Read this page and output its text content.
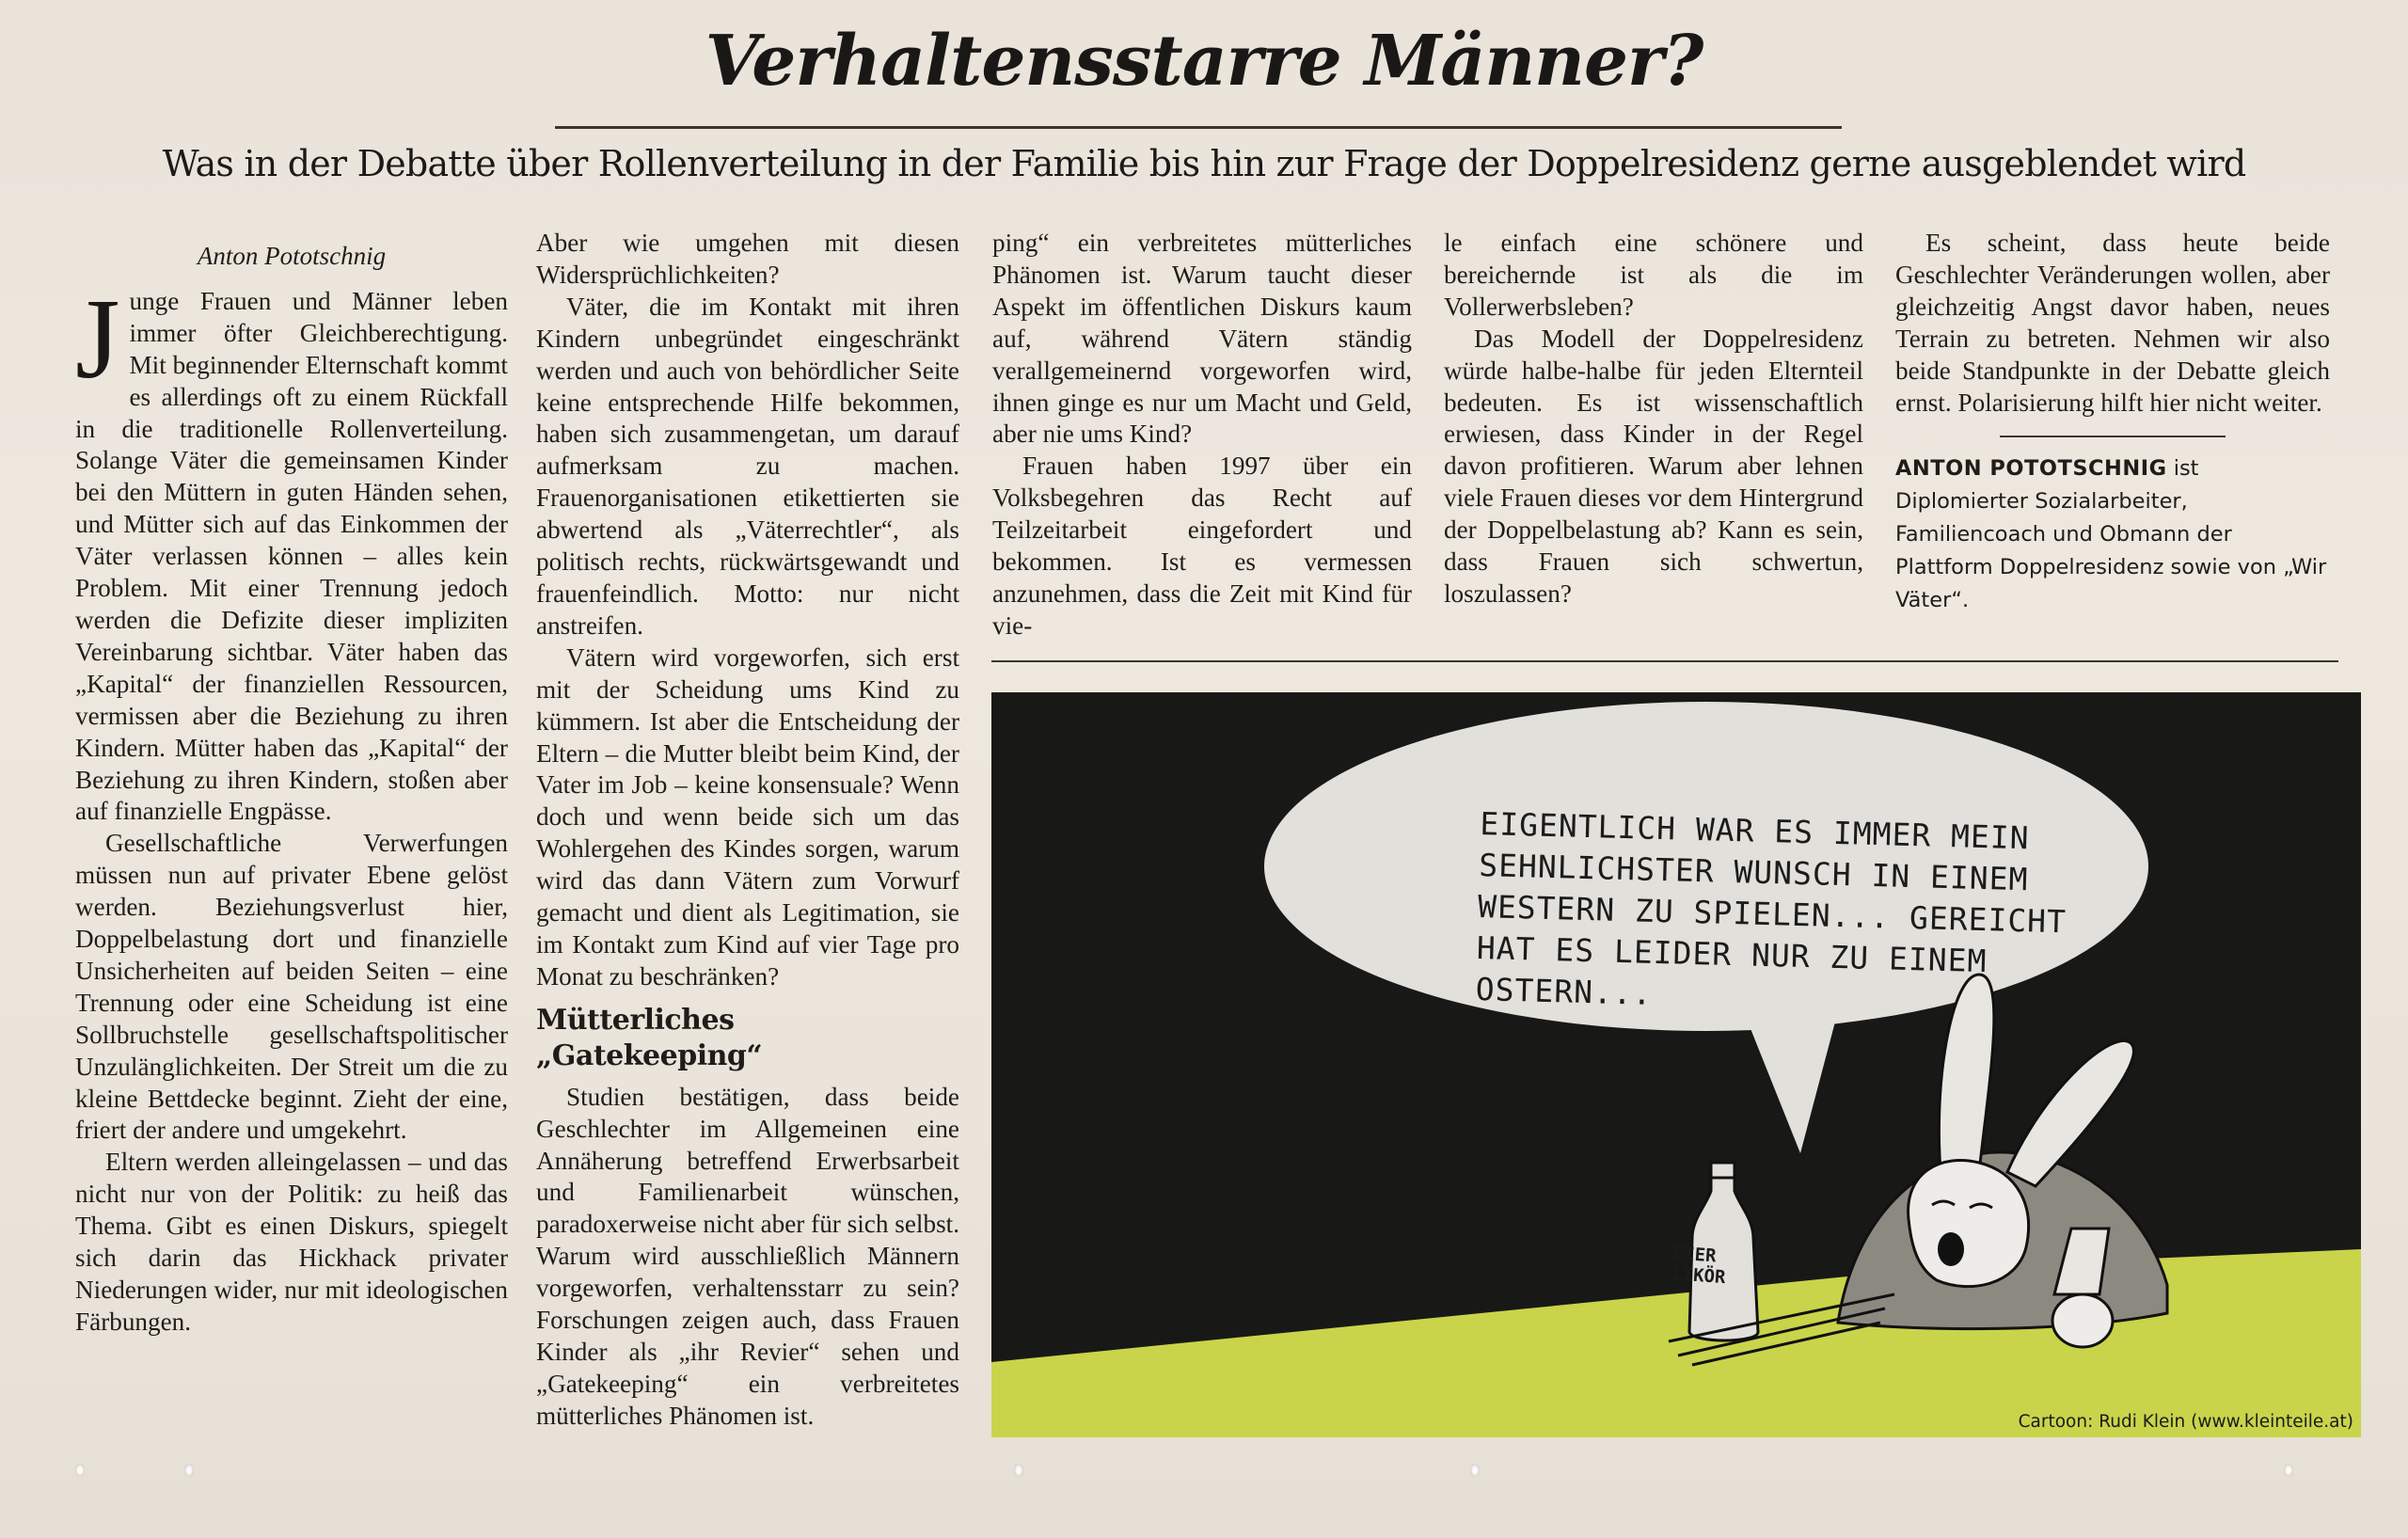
Verhaltensstarre Männer?
Was in der Debatte über Rollenverteilung in der Familie bis hin zur Frage der Doppelresidenz gerne ausgeblendet wird

Anton Pototschnig

Junge Frauen und Männer leben immer öfter Gleichberechtigung. Mit beginnender Elternschaft kommt es allerdings oft zu einem Rückfall in die traditionelle Rollenverteilung. Solange Väter die gemeinsamen Kinder bei den Müttern in guten Händen sehen, und Mütter sich auf das Einkommen der Väter verlassen können – alles kein Problem. Mit einer Trennung jedoch werden die Defizite dieser impliziten Vereinbarung sichtbar. Väter haben das „Kapital“ der finanziellen Ressourcen, vermissen aber die Beziehung zu ihren Kindern. Mütter haben das „Kapital“ der Beziehung zu ihren Kindern, stoßen aber auf finanzielle Engpässe.

Gesellschaftliche Verwerfungen müssen nun auf privater Ebene gelöst werden. Beziehungsverlust hier, Doppelbelastung dort und finanzielle Unsicherheiten auf beiden Seiten – eine Trennung oder eine Scheidung ist eine Sollbruchstelle gesellschaftspolitischer Unzulänglichkeiten. Der Streit um die zu kleine Bettdecke beginnt. Zieht der eine, friert der andere und umgekehrt.

Eltern werden alleingelassen – und das nicht nur von der Politik: zu heiß das Thema. Gibt es einen Diskurs, spiegelt sich darin das Hickhack privater Niederungen wider, nur mit ideologischen Färbungen.

Aber wie umgehen mit diesen Widersprüchlichkeiten?

Väter, die im Kontakt mit ihren Kindern unbegründet eingeschränkt werden und auch von behördlicher Seite keine entsprechende Hilfe bekommen, haben sich zusammengetan, um darauf aufmerksam zu machen. Frauenorganisationen etikettierten sie abwertend als „Väterrechtler“, als politisch rechts, rückwärtsgewandt und frauenfeindlich. Motto: nur nicht anstreifen.

Vätern wird vorgeworfen, sich erst mit der Scheidung ums Kind zu kümmern. Ist aber die Entscheidung der Eltern – die Mutter bleibt beim Kind, der Vater im Job – keine konsensuale? Wenn doch und wenn beide sich um das Wohlergehen des Kindes sorgen, warum wird das dann Vätern zum Vorwurf gemacht und dient als Legitimation, sie im Kontakt zum Kind auf vier Tage pro Monat zu beschränken?

Mütterliches „Gatekeeping“

Studien bestätigen, dass beide Geschlechter im Allgemeinen eine Annäherung betreffend Erwerbsarbeit und Familienarbeit wünschen, paradoxerweise nicht aber für sich selbst. Warum wird ausschließlich Männern vorgeworfen, verhaltensstarr zu sein? Forschungen zeigen auch, dass Frauen Kinder als „ihr Revier“ sehen und „Gatekeeping“ ein verbreitetes mütterliches Phänomen ist.

ping“ ein verbreitetes mütterliches Phänomen ist. Warum taucht dieser Aspekt im öffentlichen Diskurs kaum auf, während Vätern ständig verallgemeinernd vorgeworfen wird, ihnen ginge es nur um Macht und Geld, aber nie ums Kind?

Frauen haben 1997 über ein Volksbegehren das Recht auf Teilzeitarbeit eingefordert und bekommen. Ist es vermessen anzunehmen, dass die Zeit mit Kind für vie-

le einfach eine schönere und bereichernde ist als die im Vollerwerbsleben?

Das Modell der Doppelresidenz würde halbe-halbe für jeden Elternteil bedeuten. Es ist wissenschaftlich erwiesen, dass Kinder in der Regel davon profitieren. Warum aber lehnen viele Frauen dieses vor dem Hintergrund der Doppelbelastung ab? Kann es sein, dass Frauen sich schwertun, loszulassen?

Es scheint, dass heute beide Geschlechter Veränderungen wollen, aber gleichzeitig Angst davor haben, neues Terrain zu betreten. Nehmen wir also beide Standpunkte in der Debatte gleich ernst. Polarisierung hilft hier nicht weiter.

ANTON POTOTSCHNIG ist Diplomierter Sozialarbeiter, Familiencoach und Obmann der Plattform Doppelresidenz sowie von „Wir Väter“.

EIGENTLICH WAR ES IMMER MEIN SEHNLICHSTER WUNSCH IN EINEM WESTERN ZU SPIELEN... GEREICHT HAT ES LEIDER NUR ZU EINEM OSTERN...
EIER LIKÖR
Cartoon: Rudi Klein (www.kleinteile.at)
